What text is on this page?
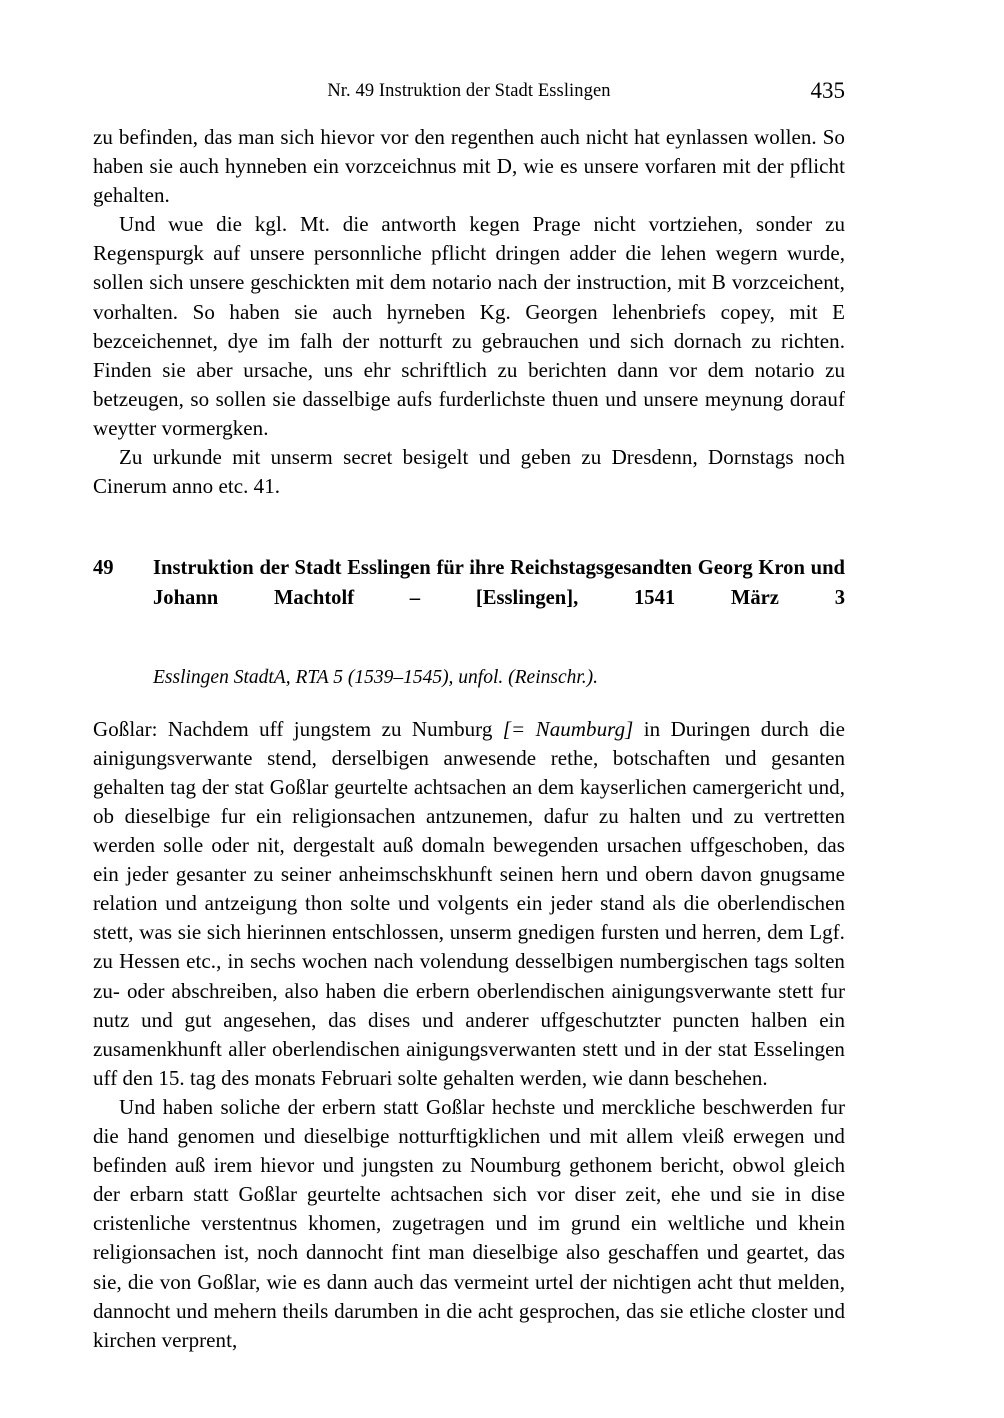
Nr. 49 Instruktion der Stadt Esslingen	435

zu befinden, das man sich hievor vor den regenthen auch nicht hat eynlassen wollen. So haben sie auch hynneben ein vorzceichnus mit D, wie es unsere vorfaren mit der pflicht gehalten.

Und wue die kgl. Mt. die antworth kegen Prage nicht vortziehen, sonder zu Regenspurgk auf unsere personnliche pflicht dringen adder die lehen wegern wurde, sollen sich unsere geschickten mit dem notario nach der instruction, mit B vorzceichent, vorhalten. So haben sie auch hyrneben Kg. Georgen lehenbriefs copey, mit E bezceichennet, dye im falh der notturft zu gebrauchen und sich dornach zu richten. Finden sie aber ursache, uns ehr schriftlich zu berichten dann vor dem notario zu betzeugen, so sollen sie dasselbige aufs furderlichste thuen und unsere meynung dorauf weytter vormergken.

Zu urkunde mit unserm secret besigelt und geben zu Dresdenn, Dornstags noch Cinerum anno etc. 41.

49	Instruktion der Stadt Esslingen für ihre Reichstagsgesandten Georg Kron und Johann Machtolf – [Esslingen], 1541 März 3
Esslingen StadtA, RTA 5 (1539–1545), unfol. (Reinschr.).

Goßlar: Nachdem uff jungstem zu Numburg [= Naumburg] in Duringen durch die ainigungsverwante stend, derselbigen anwesende rethe, botschaften und gesanten gehalten tag der stat Goßlar geurtelte achtsachen an dem kayserlichen camergericht und, ob dieselbige fur ein religionsachen antzunemen, dafur zu halten und zu vertretten werden solle oder nit, dergestalt auß domaln bewegenden ursachen uffgeschoben, das ein jeder gesanter zu seiner anheimschskhunft seinen hern und obern davon gnugsame relation und antzeigung thon solte und volgents ein jeder stand als die oberlendischen stett, was sie sich hierinnen entschlossen, unserm gnedigen fursten und herren, dem Lgf. zu Hessen etc., in sechs wochen nach volendung desselbigen numbergischen tags solten zu- oder abschreiben, also haben die erbern oberlendischen ainigungsverwante stett fur nutz und gut angesehen, das dises und anderer uffgeschutzter puncten halben ein zusamenkhunft aller oberlendischen ainigungsverwanten stett und in der stat Esselingen uff den 15. tag des monats Februari solte gehalten werden, wie dann beschehen.

Und haben soliche der erbern statt Goßlar hechste und merckliche beschwerden fur die hand genomen und dieselbige notturftigklichen und mit allem vleiß erwegen und befinden auß irem hievor und jungsten zu Noumburg gethonem bericht, obwol gleich der erbarn statt Goßlar geurtelte achtsachen sich vor diser zeit, ehe und sie in dise cristenliche verstentnus khomen, zugetragen und im grund ein weltliche und khein religionsachen ist, noch dannocht fint man dieselbige also geschaffen und geartet, das sie, die von Goßlar, wie es dann auch das vermeint urtel der nichtigen acht thut melden, dannocht und mehern theils darumben in die acht gesprochen, das sie etliche closter und kirchen verprent,
